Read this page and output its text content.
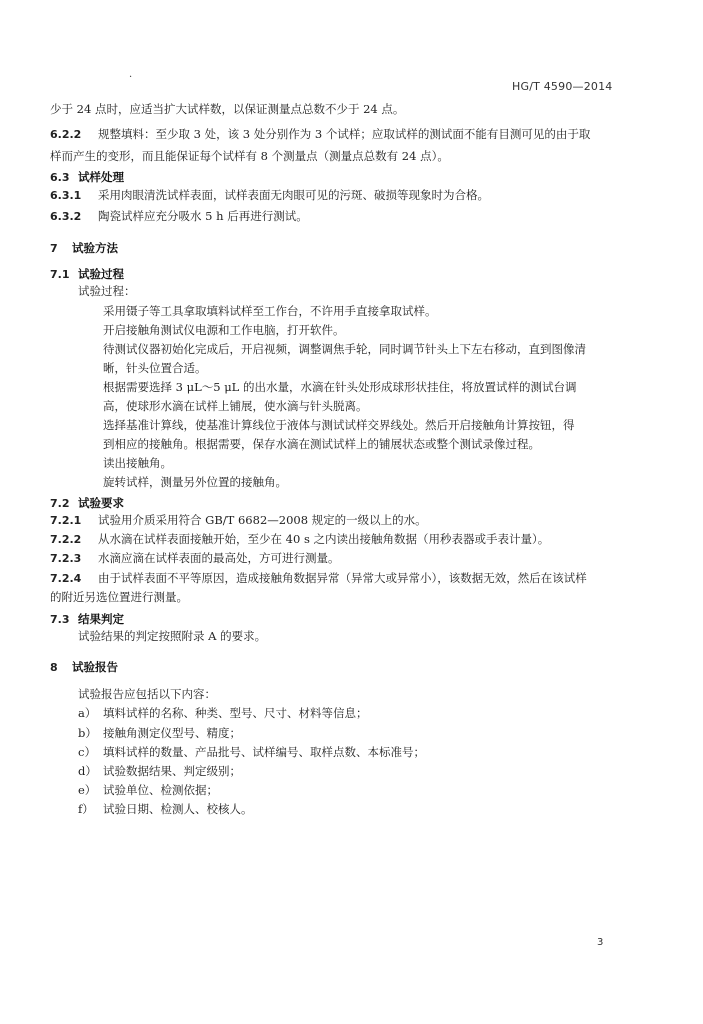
·
HG/T 4590—2014
少于 24 点时，应适当扩大试样数，以保证测量点总数不少于 24 点。
6.2.2 规整填料：至少取 3 处，该 3 处分别作为 3 个试样；应取试样的测试面不能有目测可见的由于取
样而产生的变形，而且能保证每个试样有 8 个测量点（测量点总数有 24 点）。
6.3 试样处理
6.3.1 采用肉眼清洗试样表面，试样表面无肉眼可见的污斑、破损等现象时为合格。
6.3.2 陶瓷试样应充分吸水 5 h 后再进行测试。
7 试验方法
7.1 试验过程
试验过程：
采用镊子等工具拿取填料试样至工作台，不许用手直接拿取试样。
开启接触角测试仪电源和工作电脑，打开软件。
待测试仪器初始化完成后，开启视频，调整调焦手轮，同时调节针头上下左右移动，直到图像清
晰，针头位置合适。
根据需要选择 3 μL～5 μL 的出水量，水滴在针头处形成球形状挂住，将放置试样的测试台调
高，使球形水滴在试样上铺展，使水滴与针头脱离。
选择基准计算线，使基准计算线位于液体与测试试样交界线处。然后开启接触角计算按钮，得
到相应的接触角。根据需要，保存水滴在测试试样上的铺展状态或整个测试录像过程。
读出接触角。
旋转试样，测量另外位置的接触角。
7.2 试验要求
7.2.1 试验用介质采用符合 GB/T 6682—2008 规定的一级以上的水。
7.2.2 从水滴在试样表面接触开始，至少在 40 s 之内读出接触角数据（用秒表器或手表计量）。
7.2.3 水滴应滴在试样表面的最高处，方可进行测量。
7.2.4 由于试样表面不平等原因，造成接触角数据异常（异常大或异常小），该数据无效，然后在该试样
的附近另选位置进行测量。
7.3 结果判定
试验结果的判定按照附录 A 的要求。
8 试验报告
试验报告应包括以下内容：
a） 填料试样的名称、种类、型号、尺寸、材料等信息；
b） 接触角测定仪型号、精度；
c） 填料试样的数量、产品批号、试样编号、取样点数、本标准号；
d） 试验数据结果、判定级别；
e） 试验单位、检测依据；
f） 试验日期、检测人、校核人。
3
